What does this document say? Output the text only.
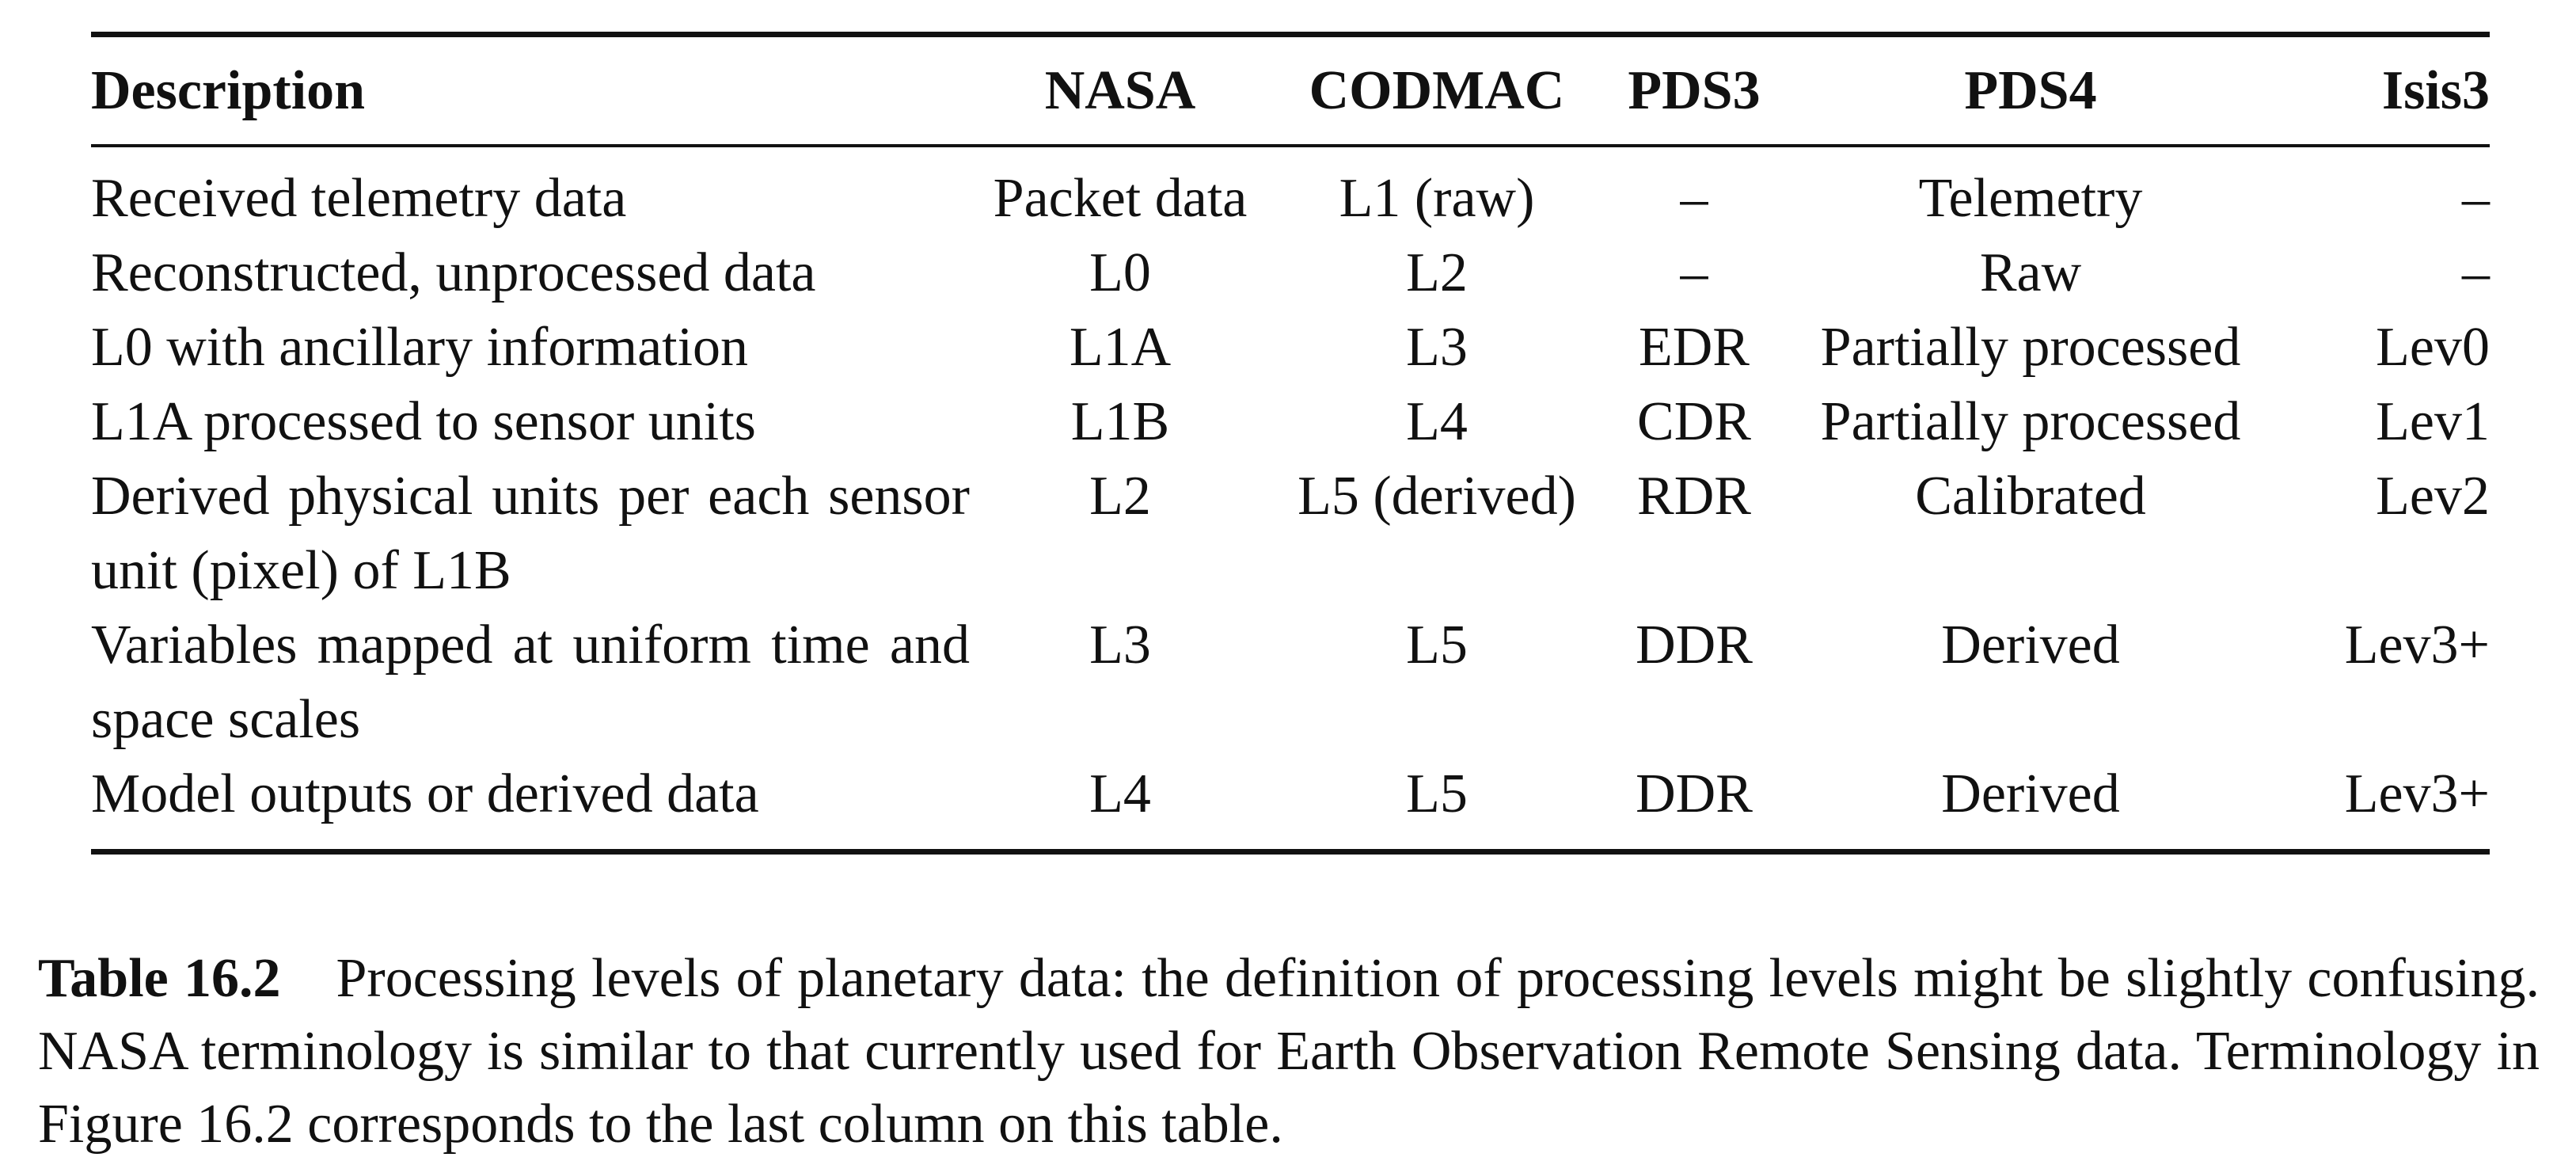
Description	NASA	CODMAC	PDS3	PDS4	Isis3
Received telemetry data	Packet data	L1 (raw)	–	Telemetry	–
Reconstructed, unprocessed data	L0	L2	–	Raw	–
L0 with ancillary information	L1A	L3	EDR	Partially processed	Lev0
L1A processed to sensor units	L1B	L4	CDR	Partially processed	Lev1
Derived physical units per each sensor unit (pixel) of L1B	L2	L5 (derived)	RDR	Calibrated	Lev2
Variables mapped at uniform time and space scales	L3	L5	DDR	Derived	Lev3+
Model outputs or derived data	L4	L5	DDR	Derived	Lev3+

Table 16.2  Processing levels of planetary data: the definition of processing levels might be slightly confusing. NASA terminology is similar to that currently used for Earth Observation Remote Sensing data. Terminology in Figure 16.2 corresponds to the last column on this table.
